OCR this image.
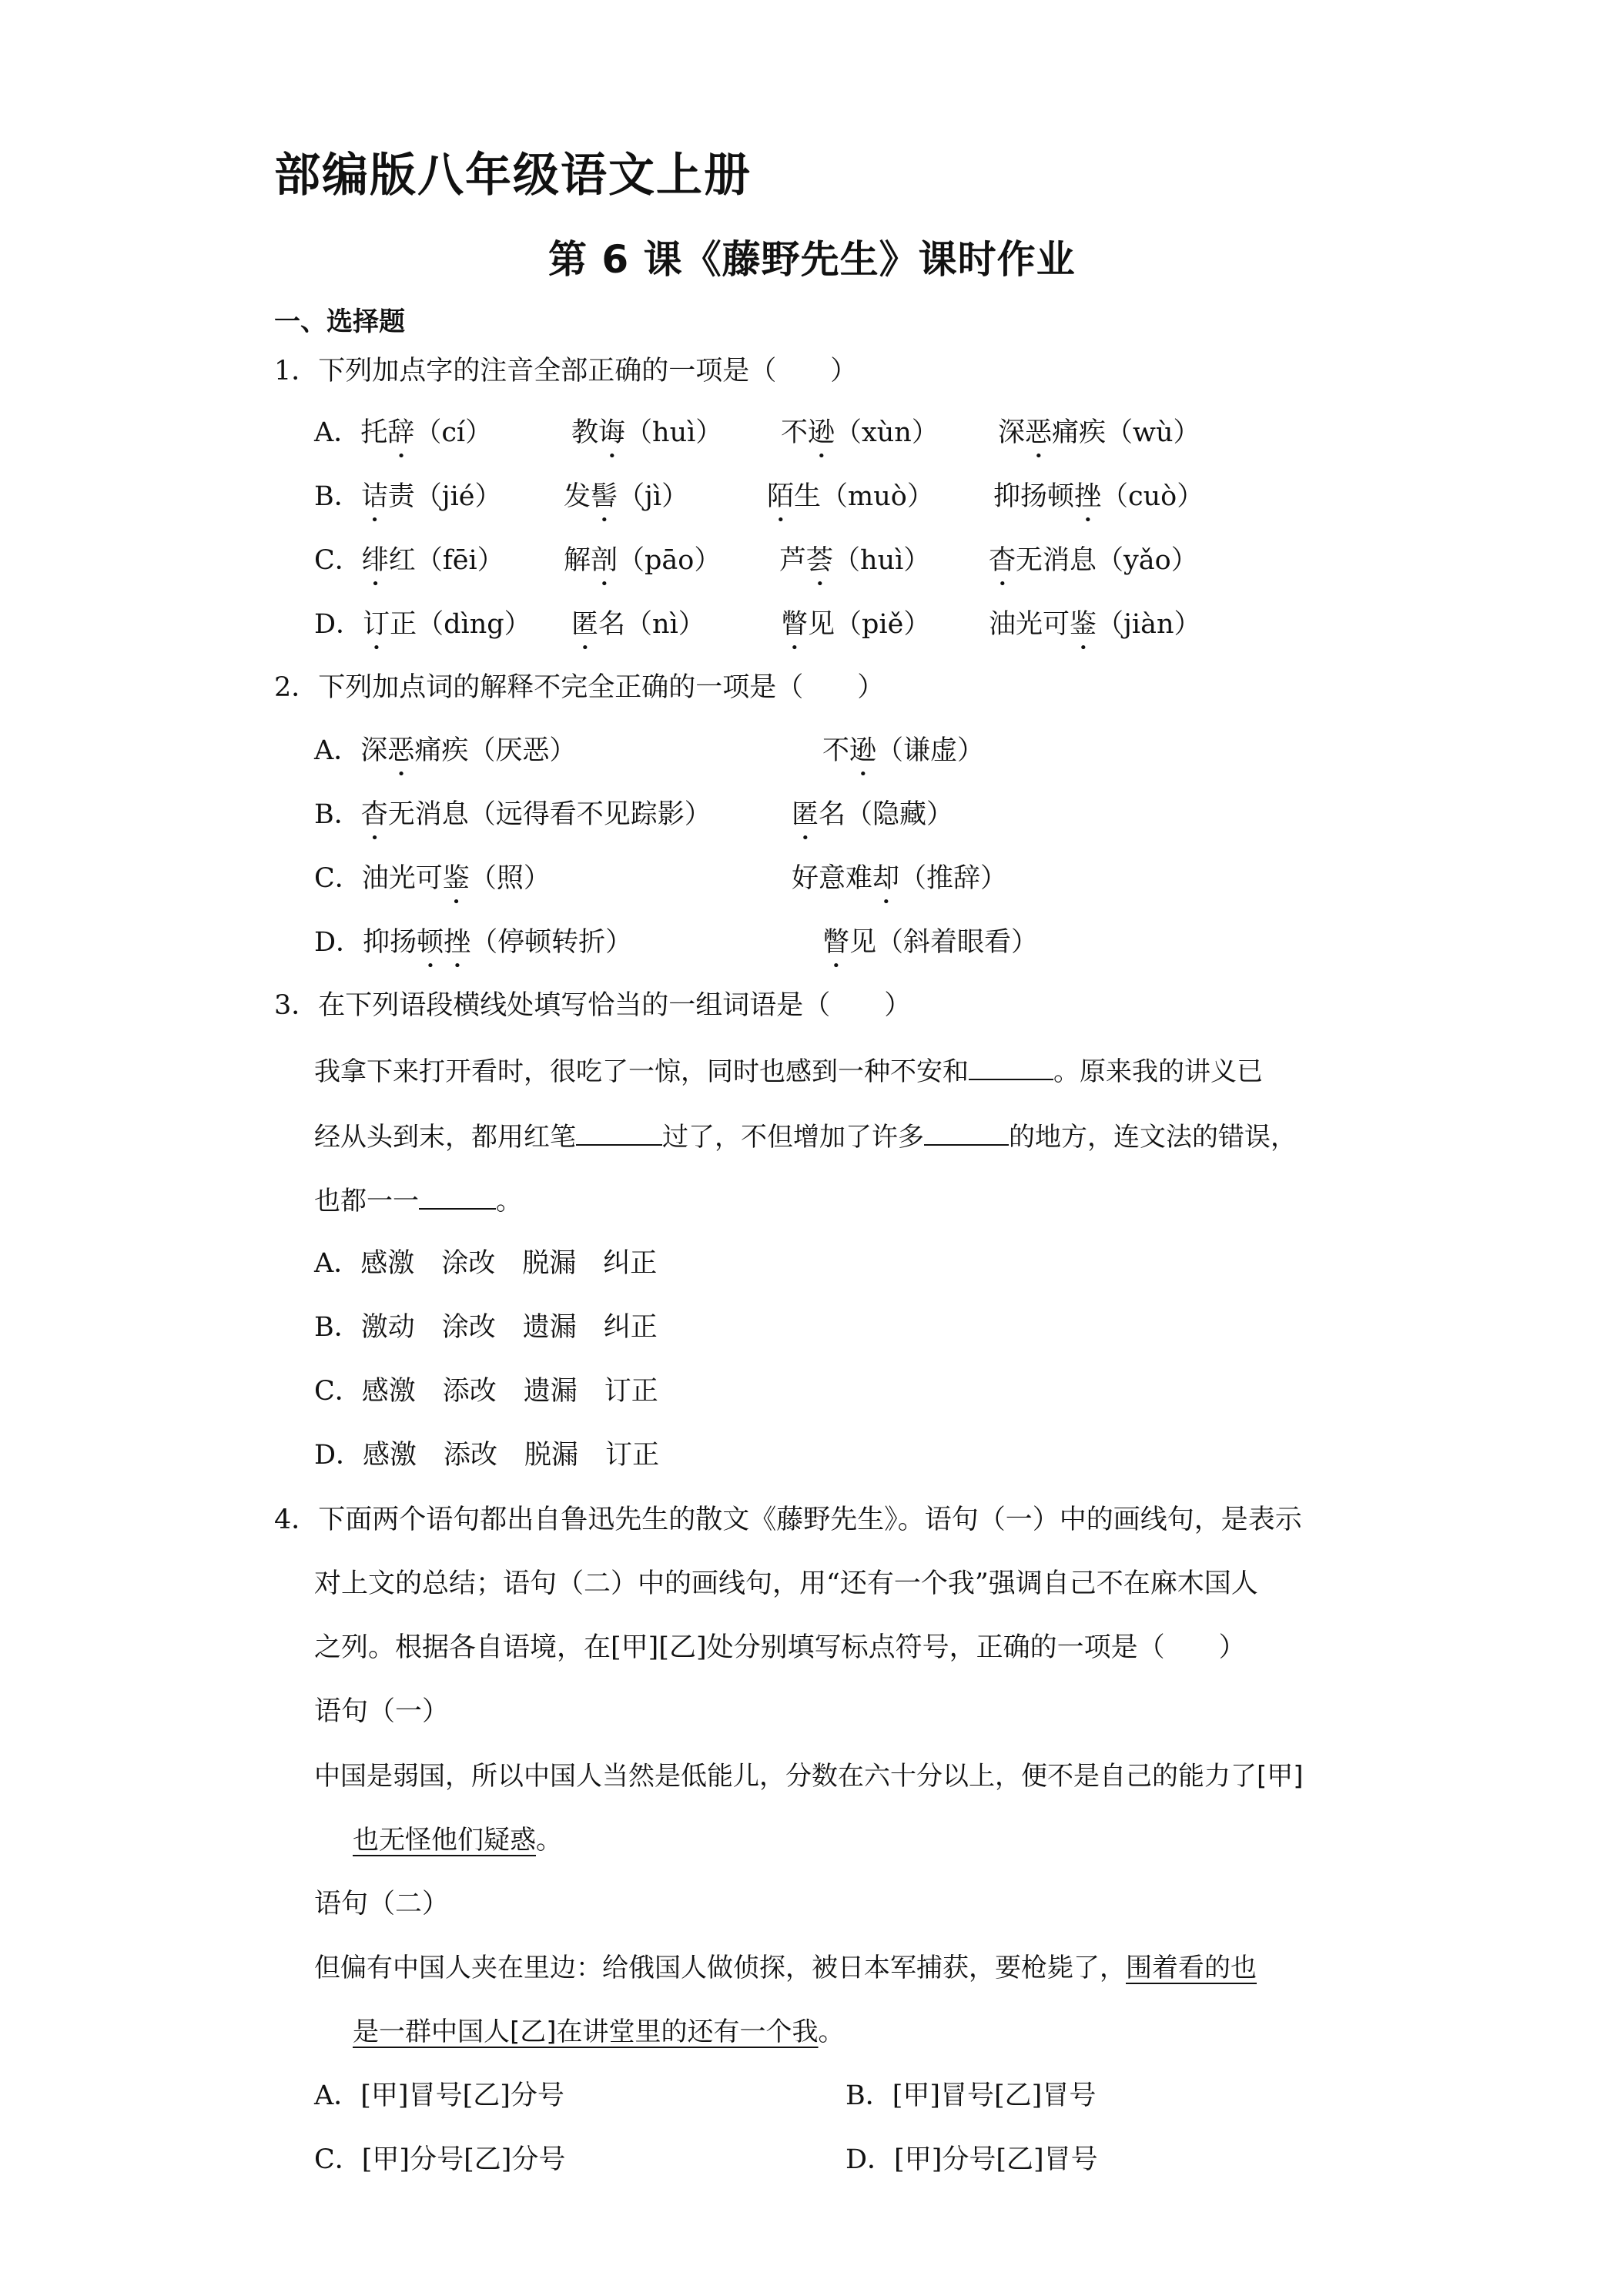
部编版八年级语文上册
第 6 课《藤野先生》课时作业
一、选择题
1．下列加点字的注音全部正确的一项是（　　）
A．托辞（cí）	教诲（huì） 不逊（xùn） 深恶痛疾（wù）
B．诘责（jié） 发髻（jì）	陌生（muò） 抑扬顿挫（cuò）
C．绯红（fēi） 解剖（pāo） 芦荟（huì） 杳无消息（yǎo）
D．订正（dìng） 匿名（nì）	瞥见（piě） 油光可鉴（jiàn）
2．下列加点词的解释不完全正确的一项是（　　）
A．深恶痛疾（厌恶）	不逊（谦虚）
B．杳无消息（远得看不见踪影）	匿名（隐藏）
C．油光可鉴（照）	好意难却（推辞）
D．抑扬顿挫（停顿转折）	瞥见（斜着眼看）
3．在下列语段横线处填写恰当的一组词语是（　　）
我拿下来打开看时，很吃了一惊，同时也感到一种不安和	。原来我的讲义已
经从头到末，都用红笔	过了，不但增加了许多	的地方，连文法的错误，
也都一一	。
A．感激　涂改　脱漏　纠正
B．激动　涂改　遗漏　纠正
C．感激　添改　遗漏　订正
D．感激　添改　脱漏　订正
4．下面两个语句都出自鲁迅先生的散文《藤野先生》。语句（一）中的画线句，是表示
对上文的总结；语句（二）中的画线句，用“还有一个我”强调自己不在麻木国人
之列。根据各自语境，在[甲][乙]处分别填写标点符号，正确的一项是（　　）
语句（一）
中国是弱国，所以中国人当然是低能儿，分数在六十分以上，便不是自己的能力了[甲]
也无怪他们疑惑。
语句（二）
但偏有中国人夹在里边：给俄国人做侦探，被日本军捕获，要枪毙了，围着看的也
是一群中国人[乙]在讲堂里的还有一个我。
A．[甲]冒号[乙]分号	B．[甲]冒号[乙]冒号
C．[甲]分号[乙]分号	D．[甲]分号[乙]冒号
